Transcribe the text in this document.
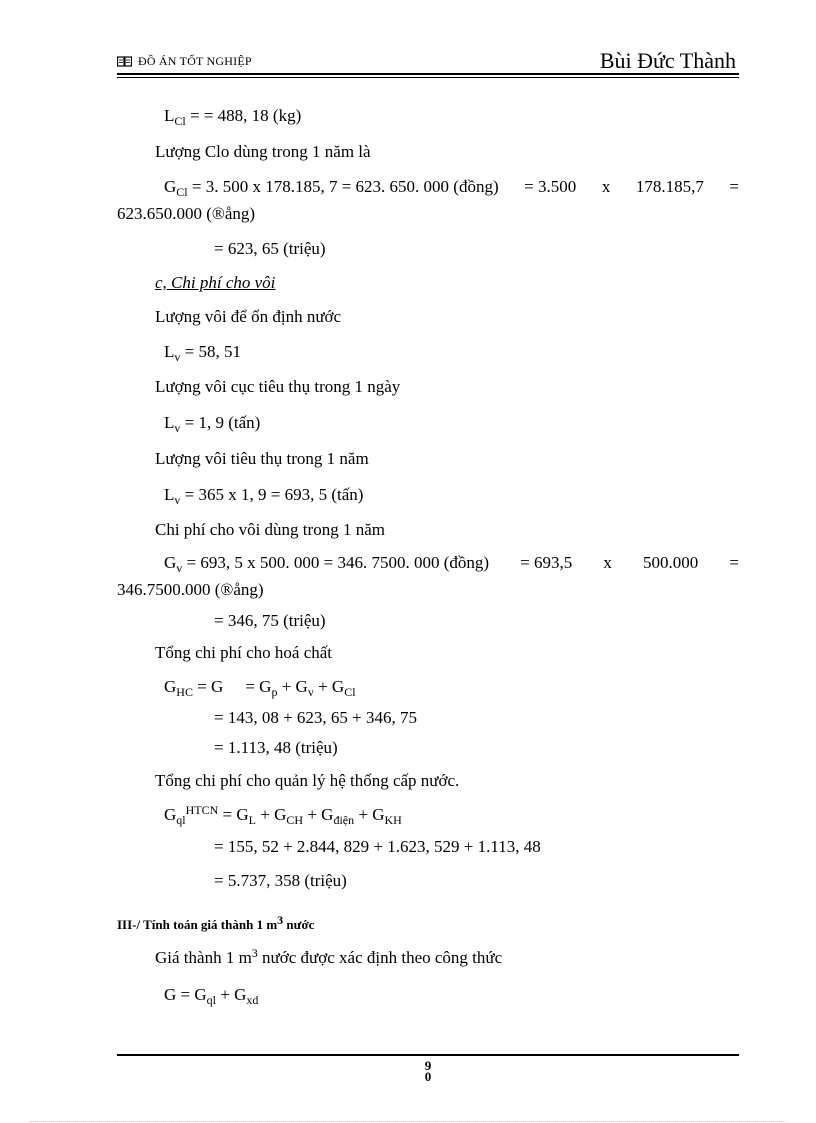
ĐỒ ÁN TỐT NGHIỆP	Bùi Đức Thành
$L_{Cl}$ = = 488, 18 (kg)
Lượng Clo dùng trong 1 năm là
$G_{Cl} = 3$. 500 x 178.185, 7 = 623. 650. 000 (đồng) = 3.500 x 178.185,7 =
623.650.000 (®ång)
= 623, 65 (triệu)
c, Chi phí cho vôi
Lượng vôi để ổn định nước
$L_v = 58$, 51
Lượng vôi cục tiêu thụ trong 1 ngày
$L_v = 1$, 9 (tấn)
Lượng vôi tiêu thụ trong 1 năm
$L_v = 365$ x 1, 9 = 693, 5 (tấn)
Chi phí cho vôi dùng trong 1 năm
$G_v = 693$, 5 x 500. 000 = 346. 7500. 000 (đồng) = 693,5 x 500.000 =
346.7500.000 (®ång)
= 346, 75 (triệu)
Tổng chi phí cho hoá chất
$G_{HC} = G = G_p + G_v + G_{Cl}$
= 143, 08 + 623, 65 + 346, 75
= 1.113, 48 (triệu)
Tổng chi phí cho quản lý hệ thống cấp nước.
$G_{ql}^{HTCN} = G_L + G_{CH} + G_{điện} + G_{KH}$
= 155, 52 + 2.844, 829 + 1.623, 529 + 1.113, 48
= 5.737, 358 (triệu)
III-/ Tính toán giá thành 1 $m^3$ nước
Giá thành 1 $m^3$ nước được xác định theo công thức
$G = G_{ql} + G_{xd}$
9
0
